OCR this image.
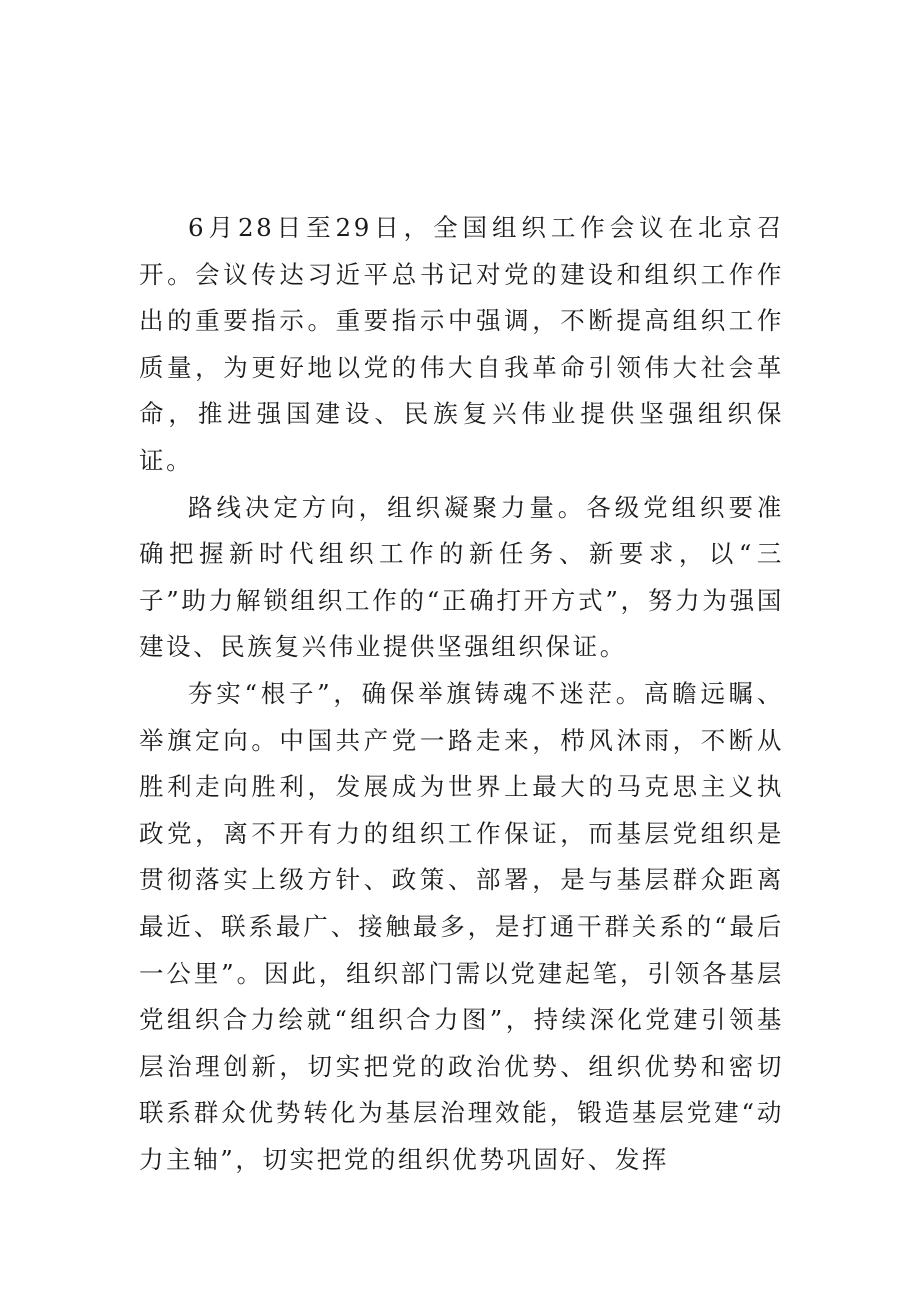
6月28日至29日，全国组织工作会议在北京召开。会议传达习近平总书记对党的建设和组织工作作出的重要指示。重要指示中强调，不断提高组织工作质量，为更好地以党的伟大自我革命引领伟大社会革命，推进强国建设、民族复兴伟业提供坚强组织保证。

路线决定方向，组织凝聚力量。各级党组织要准确把握新时代组织工作的新任务、新要求，以“三子”助力解锁组织工作的“正确打开方式”，努力为强国建设、民族复兴伟业提供坚强组织保证。

夯实“根子”，确保举旗铸魂不迷茫。高瞻远瞩、举旗定向。中国共产党一路走来，栉风沐雨，不断从胜利走向胜利，发展成为世界上最大的马克思主义执政党，离不开有力的组织工作保证，而基层党组织是贯彻落实上级方针、政策、部署，是与基层群众距离最近、联系最广、接触最多，是打通干群关系的“最后一公里”。因此，组织部门需以党建起笔，引领各基层党组织合力绘就“组织合力图”，持续深化党建引领基层治理创新，切实把党的政治优势、组织优势和密切联系群众优势转化为基层治理效能，锻造基层党建“动力主轴”，切实把党的组织优势巩固好、发挥
